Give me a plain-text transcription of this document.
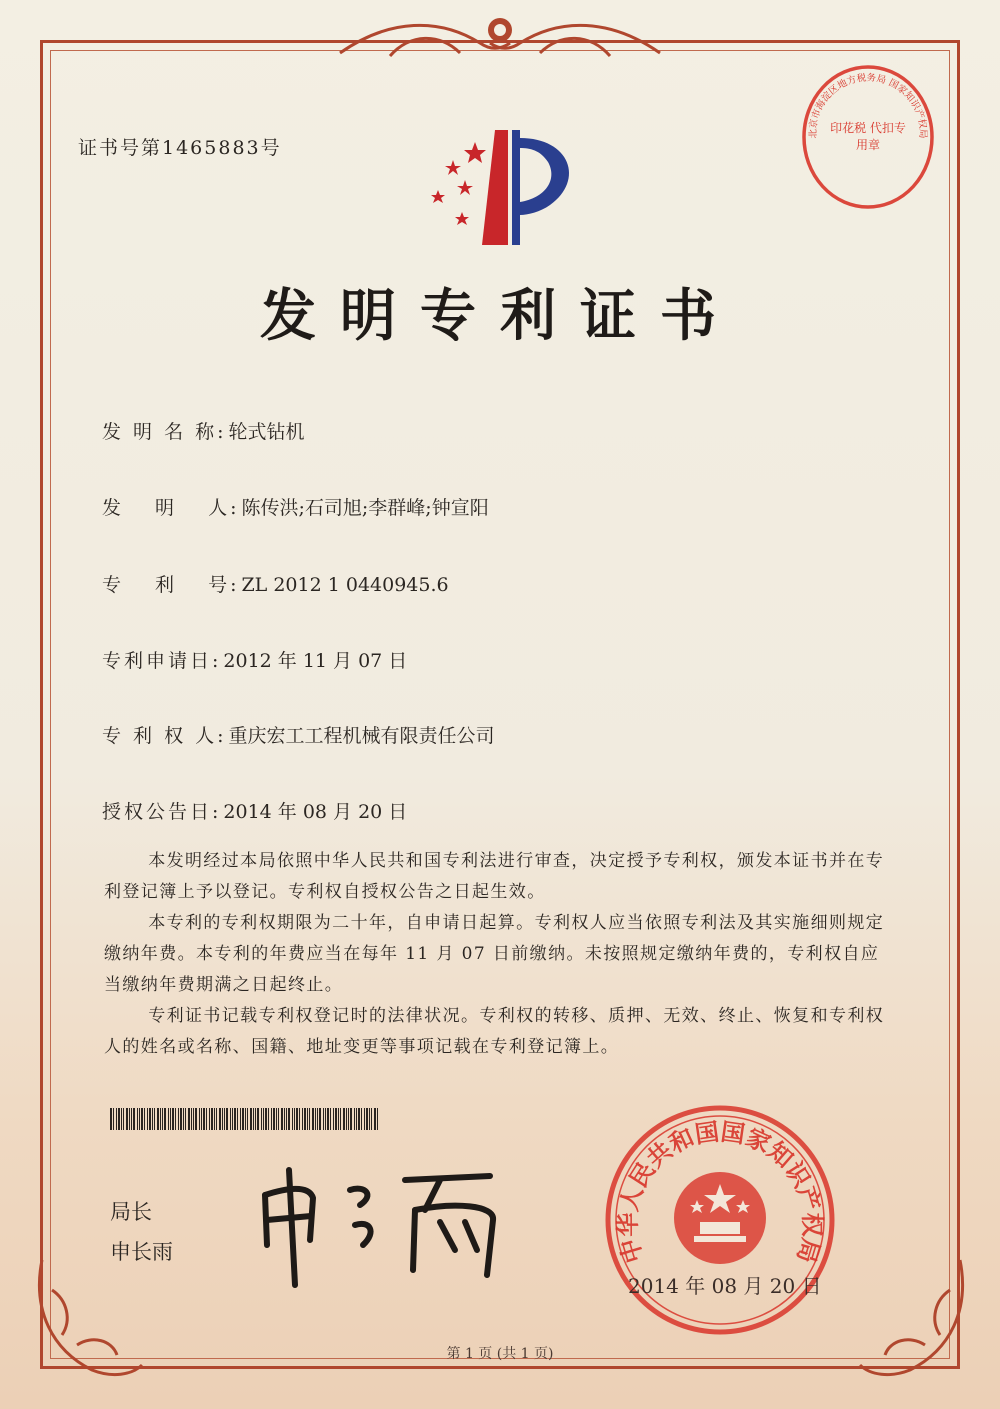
证书号第1465883号
发明专利证书
发 明 名 称: 轮式钻机
发　 明　 人: 陈传洪;石司旭;李群峰;钟宣阳
专　 利　 号: ZL 2012 1 0440945.6
专利申请日: 2012 年 11 月 07 日
专 利 权 人: 重庆宏工工程机械有限责任公司
授权公告日: 2014 年 08 月 20 日

本发明经过本局依照中华人民共和国专利法进行审查，决定授予专利权，颁发本证书并在专利登记簿上予以登记。专利权自授权公告之日起生效。

本专利的专利权期限为二十年，自申请日起算。专利权人应当依照专利法及其实施细则规定缴纳年费。本专利的年费应当在每年 11 月 07 日前缴纳。未按照规定缴纳年费的，专利权自应当缴纳年费期满之日起终止。

专利证书记载专利权登记时的法律状况。专利权的转移、质押、无效、终止、恢复和专利权人的姓名或名称、国籍、地址变更等事项记载在专利登记簿上。

局长
申长雨	中华人民共和国国家知识产权局
2014 年 08 月 20 日
北京市海淀区地方税务局 国家知识产权局
印花税 代扣专用章
第 1 页 (共 1 页)
